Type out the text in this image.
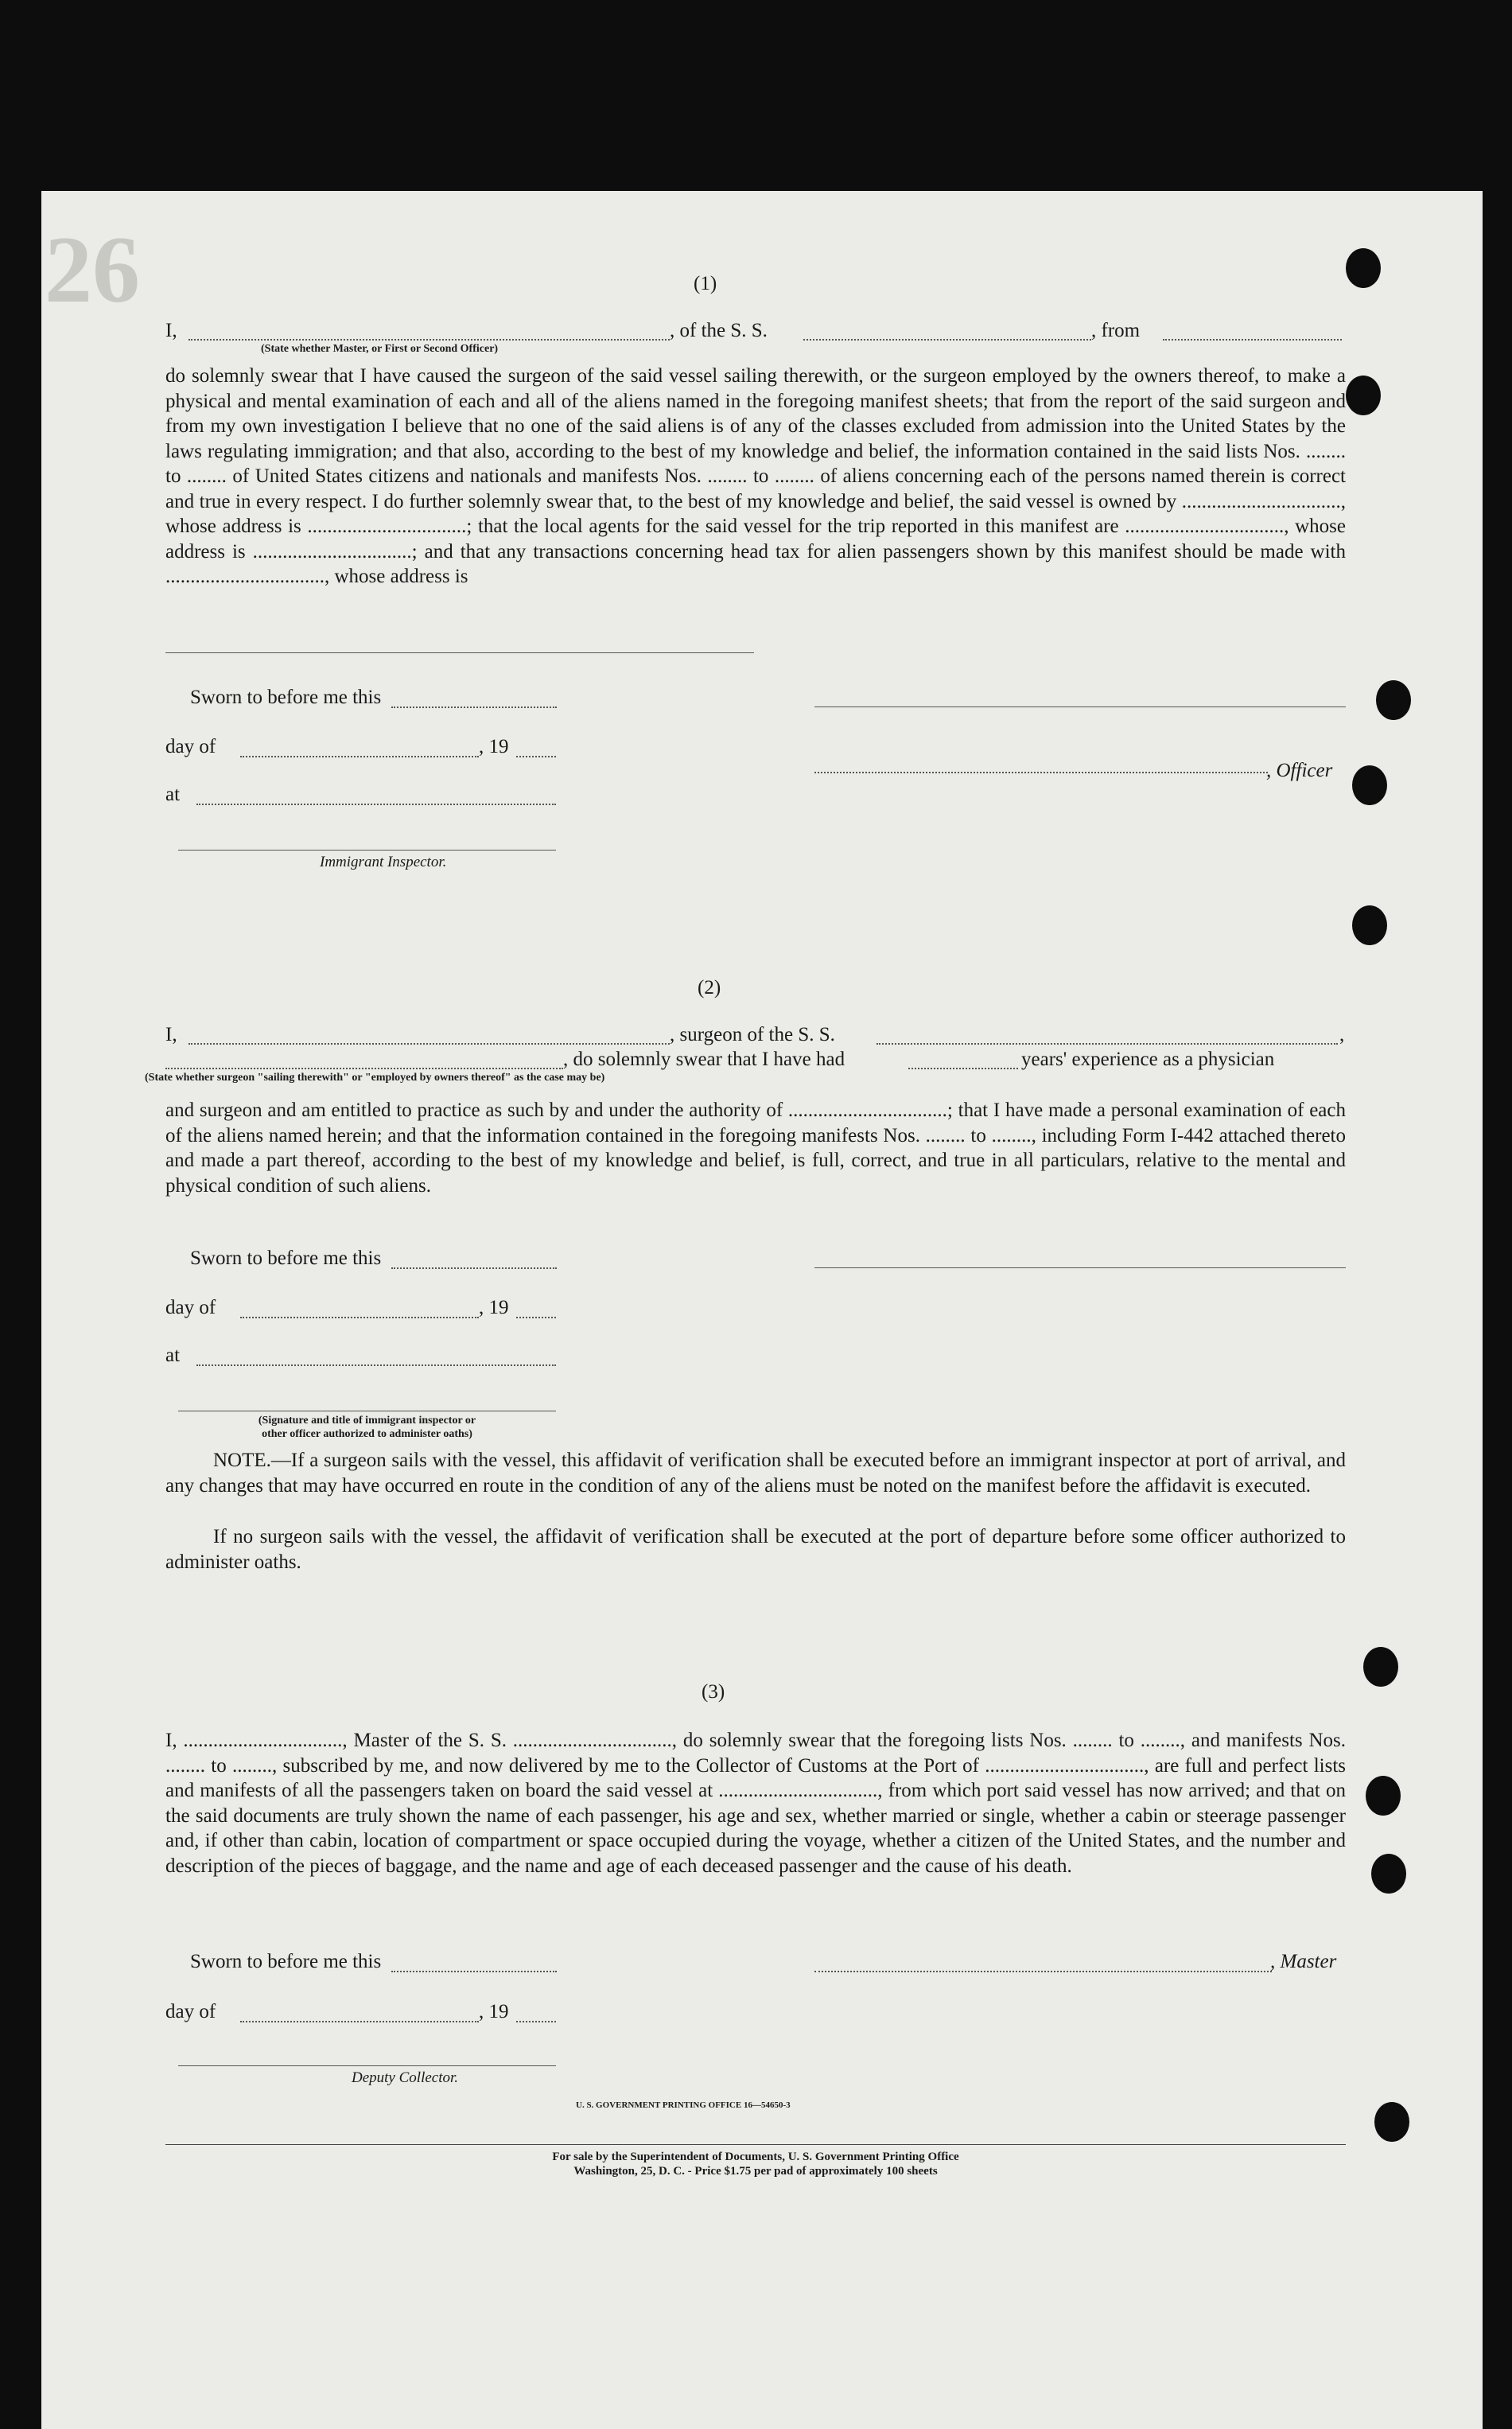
26	(1)
I,	, of the S. S.	, from
(State whether Master, or First or Second Officer)
do solemnly swear that I have caused the surgeon of the said vessel sailing therewith, or the surgeon employed by the owners thereof, to make a physical and mental examination of each and all of the aliens named in the foregoing manifest sheets; that from the report of the said surgeon and from my own investigation I believe that no one of the said aliens is of any of the classes excluded from admission into the United States by the laws regulating immigration; and that also, according to the best of my knowledge and belief, the information contained in the said lists Nos. ........ to ........ of United States citizens and nationals and manifests Nos. ........ to ........ of aliens concerning each of the persons named therein is correct and true in every respect. I do further solemnly swear that, to the best of my knowledge and belief, the said vessel is owned by ................................, whose address is ................................; that the local agents for the said vessel for the trip reported in this manifest are ................................, whose address is ................................; and that any transactions concerning head tax for alien passengers shown by this manifest should be made with ................................, whose address is
Sworn to before me this
day of	, 19
, Officer
at
Immigrant Inspector.
(2)
I,	, surgeon of the S. S.	,
, do solemnly swear that I have had	years' experience as a physician
(State whether surgeon "sailing therewith" or "employed by owners thereof" as the case may be)
and surgeon and am entitled to practice as such by and under the authority of ................................; that I have made a personal examination of each of the aliens named herein; and that the information contained in the foregoing manifests Nos. ........ to ........, including Form I-442 attached thereto and made a part thereof, according to the best of my knowledge and belief, is full, correct, and true in all particulars, relative to the mental and physical condition of such aliens.
Sworn to before me this
day of	, 19
at
(Signature and title of immigrant inspector or
other officer authorized to administer oaths)
NOTE.—If a surgeon sails with the vessel, this affidavit of verification shall be executed before an immigrant inspector at port of arrival, and any changes that may have occurred en route in the condition of any of the aliens must be noted on the manifest before the affidavit is executed.
If no surgeon sails with the vessel, the affidavit of verification shall be executed at the port of departure before some officer authorized to administer oaths.
(3)
I, ................................, Master of the S. S. ................................, do solemnly swear that the foregoing lists Nos. ........ to ........, and manifests Nos. ........ to ........, subscribed by me, and now delivered by me to the Collector of Customs at the Port of ................................, are full and perfect lists and manifests of all the passengers taken on board the said vessel at ................................, from which port said vessel has now arrived; and that on the said documents are truly shown the name of each passenger, his age and sex, whether married or single, whether a cabin or steerage passenger and, if other than cabin, location of compartment or space occupied during the voyage, whether a citizen of the United States, and the number and description of the pieces of baggage, and the name and age of each deceased passenger and the cause of his death.
Sworn to before me this	, Master
day of	, 19
Deputy Collector.
U. S. GOVERNMENT PRINTING OFFICE 16—54650-3
For sale by the Superintendent of Documents, U. S. Government Printing Office
Washington, 25, D. C. - Price $1.75 per pad of approximately 100 sheets
